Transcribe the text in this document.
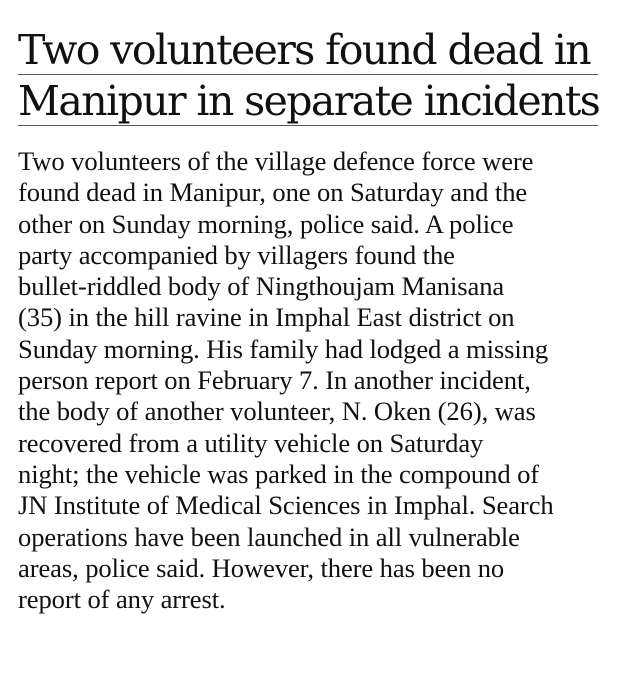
Two volunteers found dead in
Manipur in separate incidents

Two volunteers of the village defence force were
found dead in Manipur, one on Saturday and the
other on Sunday morning, police said. A police
party accompanied by villagers found the
bullet-riddled body of Ningthoujam Manisana
(35) in the hill ravine in Imphal East district on
Sunday morning. His family had lodged a missing
person report on February 7. In another incident,
the body of another volunteer, N. Oken (26), was
recovered from a utility vehicle on Saturday
night; the vehicle was parked in the compound of
JN Institute of Medical Sciences in Imphal. Search
operations have been launched in all vulnerable
areas, police said. However, there has been no
report of any arrest.
